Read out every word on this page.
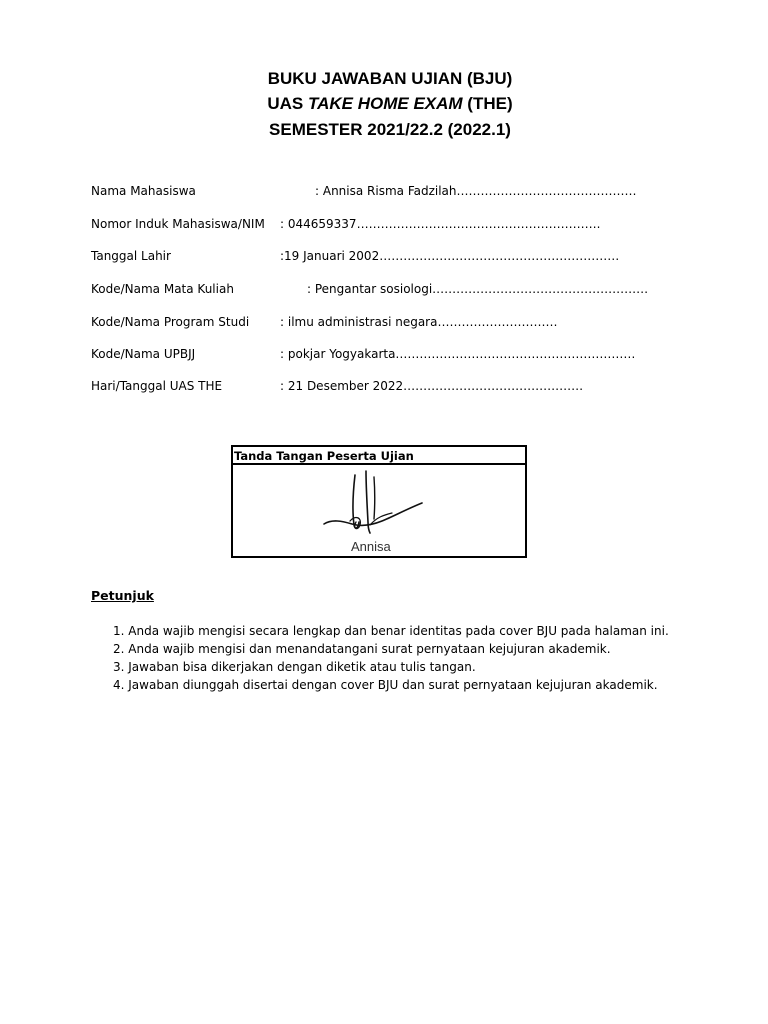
BUKU JAWABAN UJIAN (BJU)
UAS TAKE HOME EXAM (THE)
SEMESTER 2021/22.2 (2022.1)
Nama Mahasiswa	: Annisa Risma Fadzilah………………………………………
Nomor Induk Mahasiswa/NIM : 044659337…………………………………………………….
Tanggal Lahir	:19 Januari 2002……………………………………………………
Kode/Nama Mata Kuliah	: Pengantar sosiologi………………………………………………
Kode/Nama Program Studi	: ilmu administrasi negara…………………………
Kode/Nama UPBJJ	: pokjar Yogyakarta……………………………………………………
Hari/Tanggal UAS THE	: 21 Desember 2022………………………………………
Tanda Tangan Peserta Ujian
Annisa
Petunjuk
1. Anda wajib mengisi secara lengkap dan benar identitas pada cover BJU pada halaman ini.
2. Anda wajib mengisi dan menandatangani surat pernyataan kejujuran akademik.
3. Jawaban bisa dikerjakan dengan diketik atau tulis tangan.
4. Jawaban diunggah disertai dengan cover BJU dan surat pernyataan kejujuran akademik.
